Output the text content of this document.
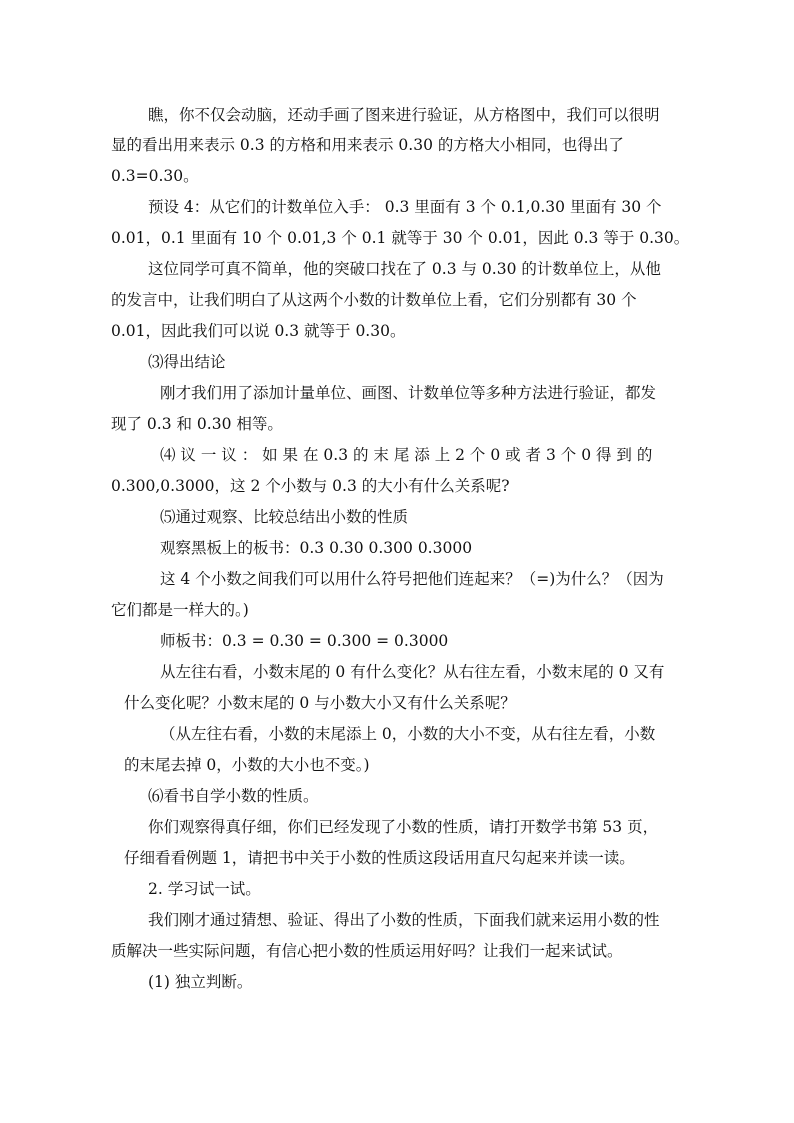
瞧，你不仅会动脑，还动手画了图来进行验证，从方格图中，我们可以很明
显的看出用来表示 0.3 的方格和用来表示 0.30 的方格大小相同，也得出了
0.3=0.30。
预设 4：从它们的计数单位入手： 0.3 里面有 3 个 0.1,0.30 里面有 30 个
0.01，0.1 里面有 10 个 0.01,3 个 0.1 就等于 30 个 0.01，因此 0.3 等于 0.30。
这位同学可真不简单，他的突破口找在了 0.3 与 0.30 的计数单位上，从他
的发言中，让我们明白了从这两个小数的计数单位上看，它们分别都有 30 个
0.01，因此我们可以说 0.3 就等于 0.30。
⑶得出结论
刚才我们用了添加计量单位、画图、计数单位等多种方法进行验证，都发
现了 0.3 和 0.30 相等。
⑷ 议 一 议 ： 如 果 在 0.3 的 末 尾 添 上 2 个 0 或 者 3 个 0 得 到 的
0.300,0.3000，这 2 个小数与 0.3 的大小有什么关系呢?
⑸通过观察、比较总结出小数的性质
观察黑板上的板书：0.3 0.30 0.300 0.3000
这 4 个小数之间我们可以用什么符号把他们连起来？（=)为什么？（因为
它们都是一样大的。)
师板书：0.3 = 0.30 = 0.300 = 0.3000
从左往右看，小数末尾的 0 有什么变化？从右往左看，小数末尾的 0 又有
什么变化呢？小数末尾的 0 与小数大小又有什么关系呢？
（从左往右看，小数的末尾添上 0，小数的大小不变，从右往左看，小数
的末尾去掉 0，小数的大小也不变。)
⑹看书自学小数的性质。
你们观察得真仔细，你们已经发现了小数的性质，请打开数学书第 53 页，
仔细看看例题 1，请把书中关于小数的性质这段话用直尺勾起来并读一读。
2. 学习试一试。
我们刚才通过猜想、验证、得出了小数的性质，下面我们就来运用小数的性
质解决一些实际问题，有信心把小数的性质运用好吗？让我们一起来试试。
(1) 独立判断。
